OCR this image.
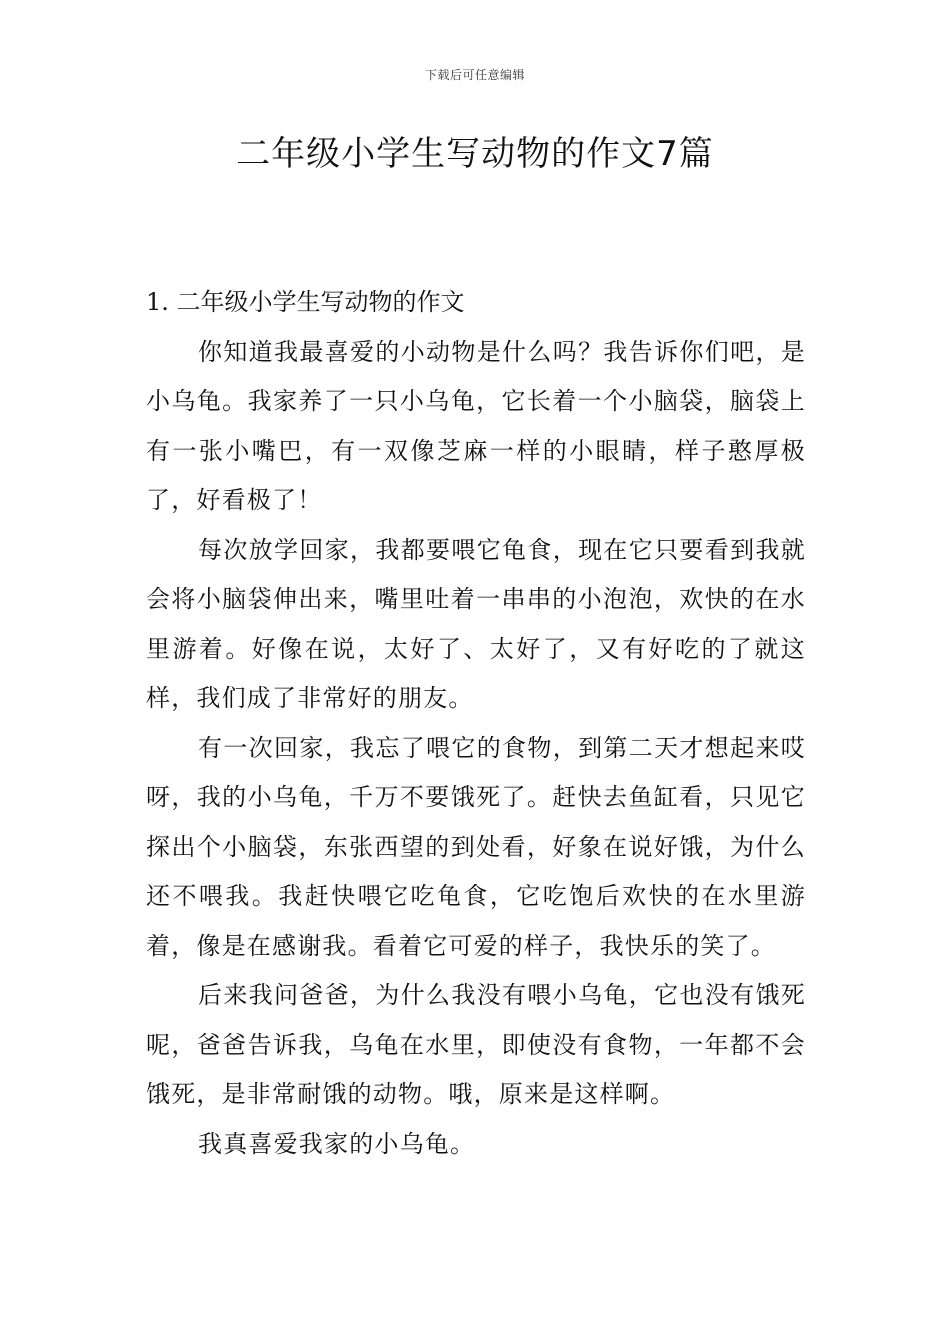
下载后可任意编辑
二年级小学生写动物的作文7篇

1. 二年级小学生写动物的作文

你知道我最喜爱的小动物是什么吗？我告诉你们吧，是小乌龟。我家养了一只小乌龟，它长着一个小脑袋，脑袋上有一张小嘴巴，有一双像芝麻一样的小眼睛，样子憨厚极了，好看极了！

每次放学回家，我都要喂它龟食，现在它只要看到我就会将小脑袋伸出来，嘴里吐着一串串的小泡泡，欢快的在水里游着。好像在说，太好了、太好了，又有好吃的了就这样，我们成了非常好的朋友。

有一次回家，我忘了喂它的食物，到第二天才想起来哎呀，我的小乌龟，千万不要饿死了。赶快去鱼缸看，只见它探出个小脑袋，东张西望的到处看，好象在说好饿，为什么还不喂我。我赶快喂它吃龟食，它吃饱后欢快的在水里游着，像是在感谢我。看着它可爱的样子，我快乐的笑了。

后来我问爸爸，为什么我没有喂小乌龟，它也没有饿死呢，爸爸告诉我，乌龟在水里，即使没有食物，一年都不会饿死，是非常耐饿的动物。哦，原来是这样啊。

我真喜爱我家的小乌龟。
